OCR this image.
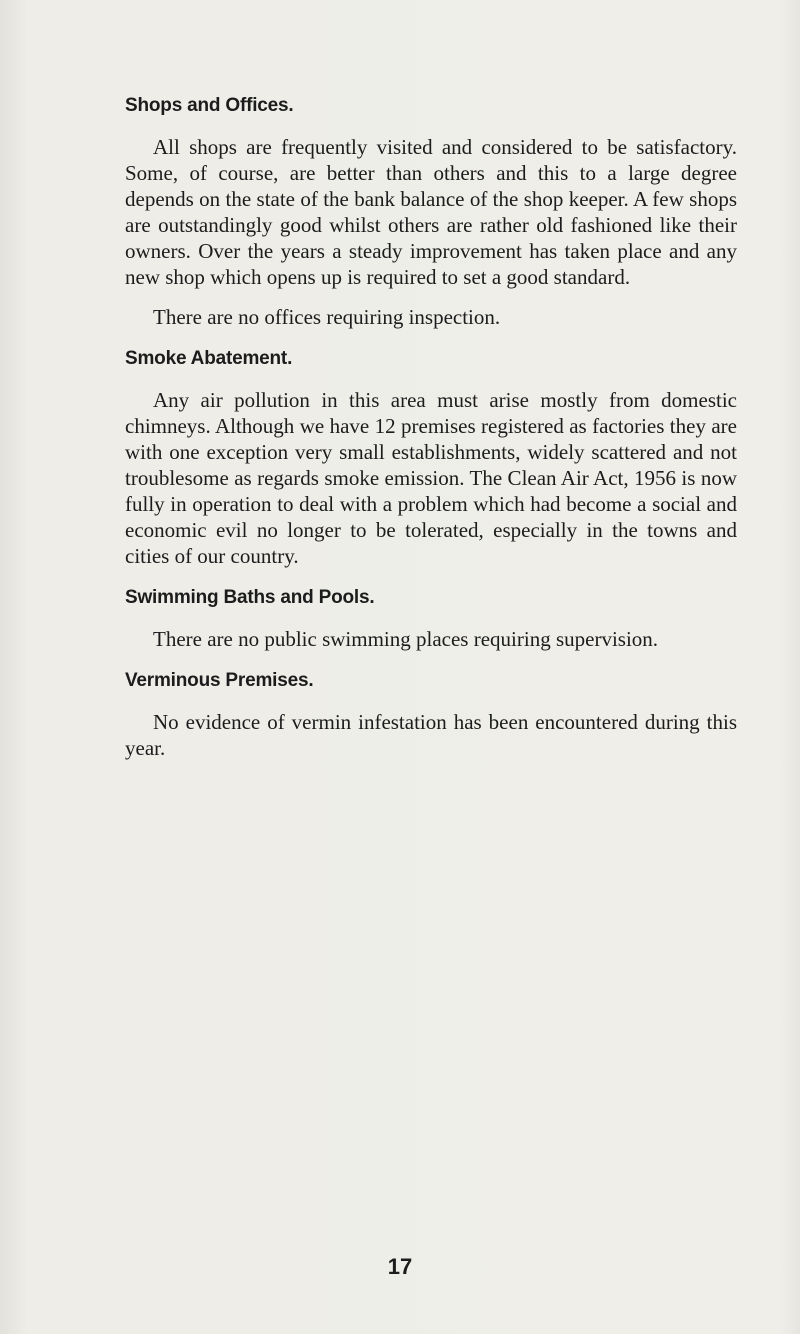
Shops and Offices.

All shops are frequently visited and considered to be satisfactory. Some, of course, are better than others and this to a large degree depends on the state of the bank balance of the shop keeper. A few shops are outstandingly good whilst others are rather old fashioned like their owners. Over the years a steady improvement has taken place and any new shop which opens up is required to set a good standard.

There are no offices requiring inspection.

Smoke Abatement.

Any air pollution in this area must arise mostly from domestic chimneys. Although we have 12 premises registered as factories they are with one exception very small establishments, widely scattered and not troublesome as regards smoke emission. The Clean Air Act, 1956 is now fully in operation to deal with a problem which had become a social and economic evil no longer to be tolerated, especially in the towns and cities of our country.

Swimming Baths and Pools.

There are no public swimming places requiring supervision.

Verminous Premises.

No evidence of vermin infestation has been encountered during this year.

17
